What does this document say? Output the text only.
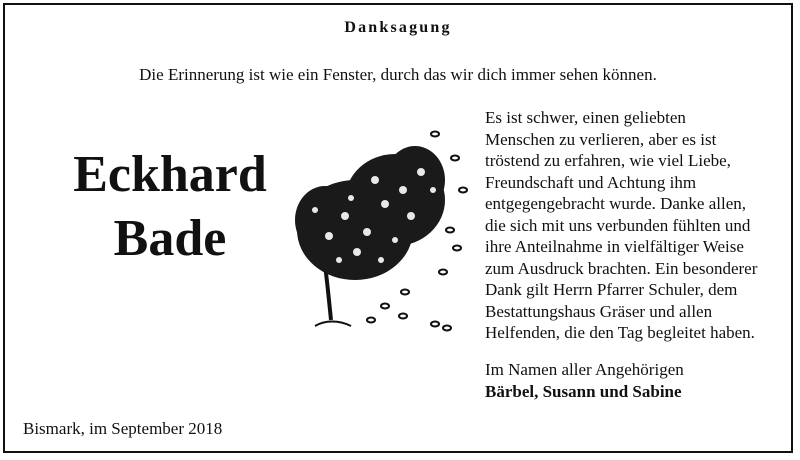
Danksagung
Die Erinnerung ist wie ein Fenster, durch das wir dich immer sehen können.
Eckhard
Bade
Es ist schwer, einen geliebten
Menschen zu verlieren, aber es ist
tröstend zu erfahren, wie viel Liebe,
Freundschaft und Achtung ihm
entgegengebracht wurde. Danke allen,
die sich mit uns verbunden fühlten und
ihre Anteilnahme in vielfältiger Weise
zum Ausdruck brachten. Ein besonderer
Dank gilt Herrn Pfarrer Schuler, dem
Bestattungshaus Gräser und allen
Helfenden, die den Tag begleitet haben.
Im Namen aller Angehörigen
Bärbel, Susann und Sabine
Bismark, im September 2018
